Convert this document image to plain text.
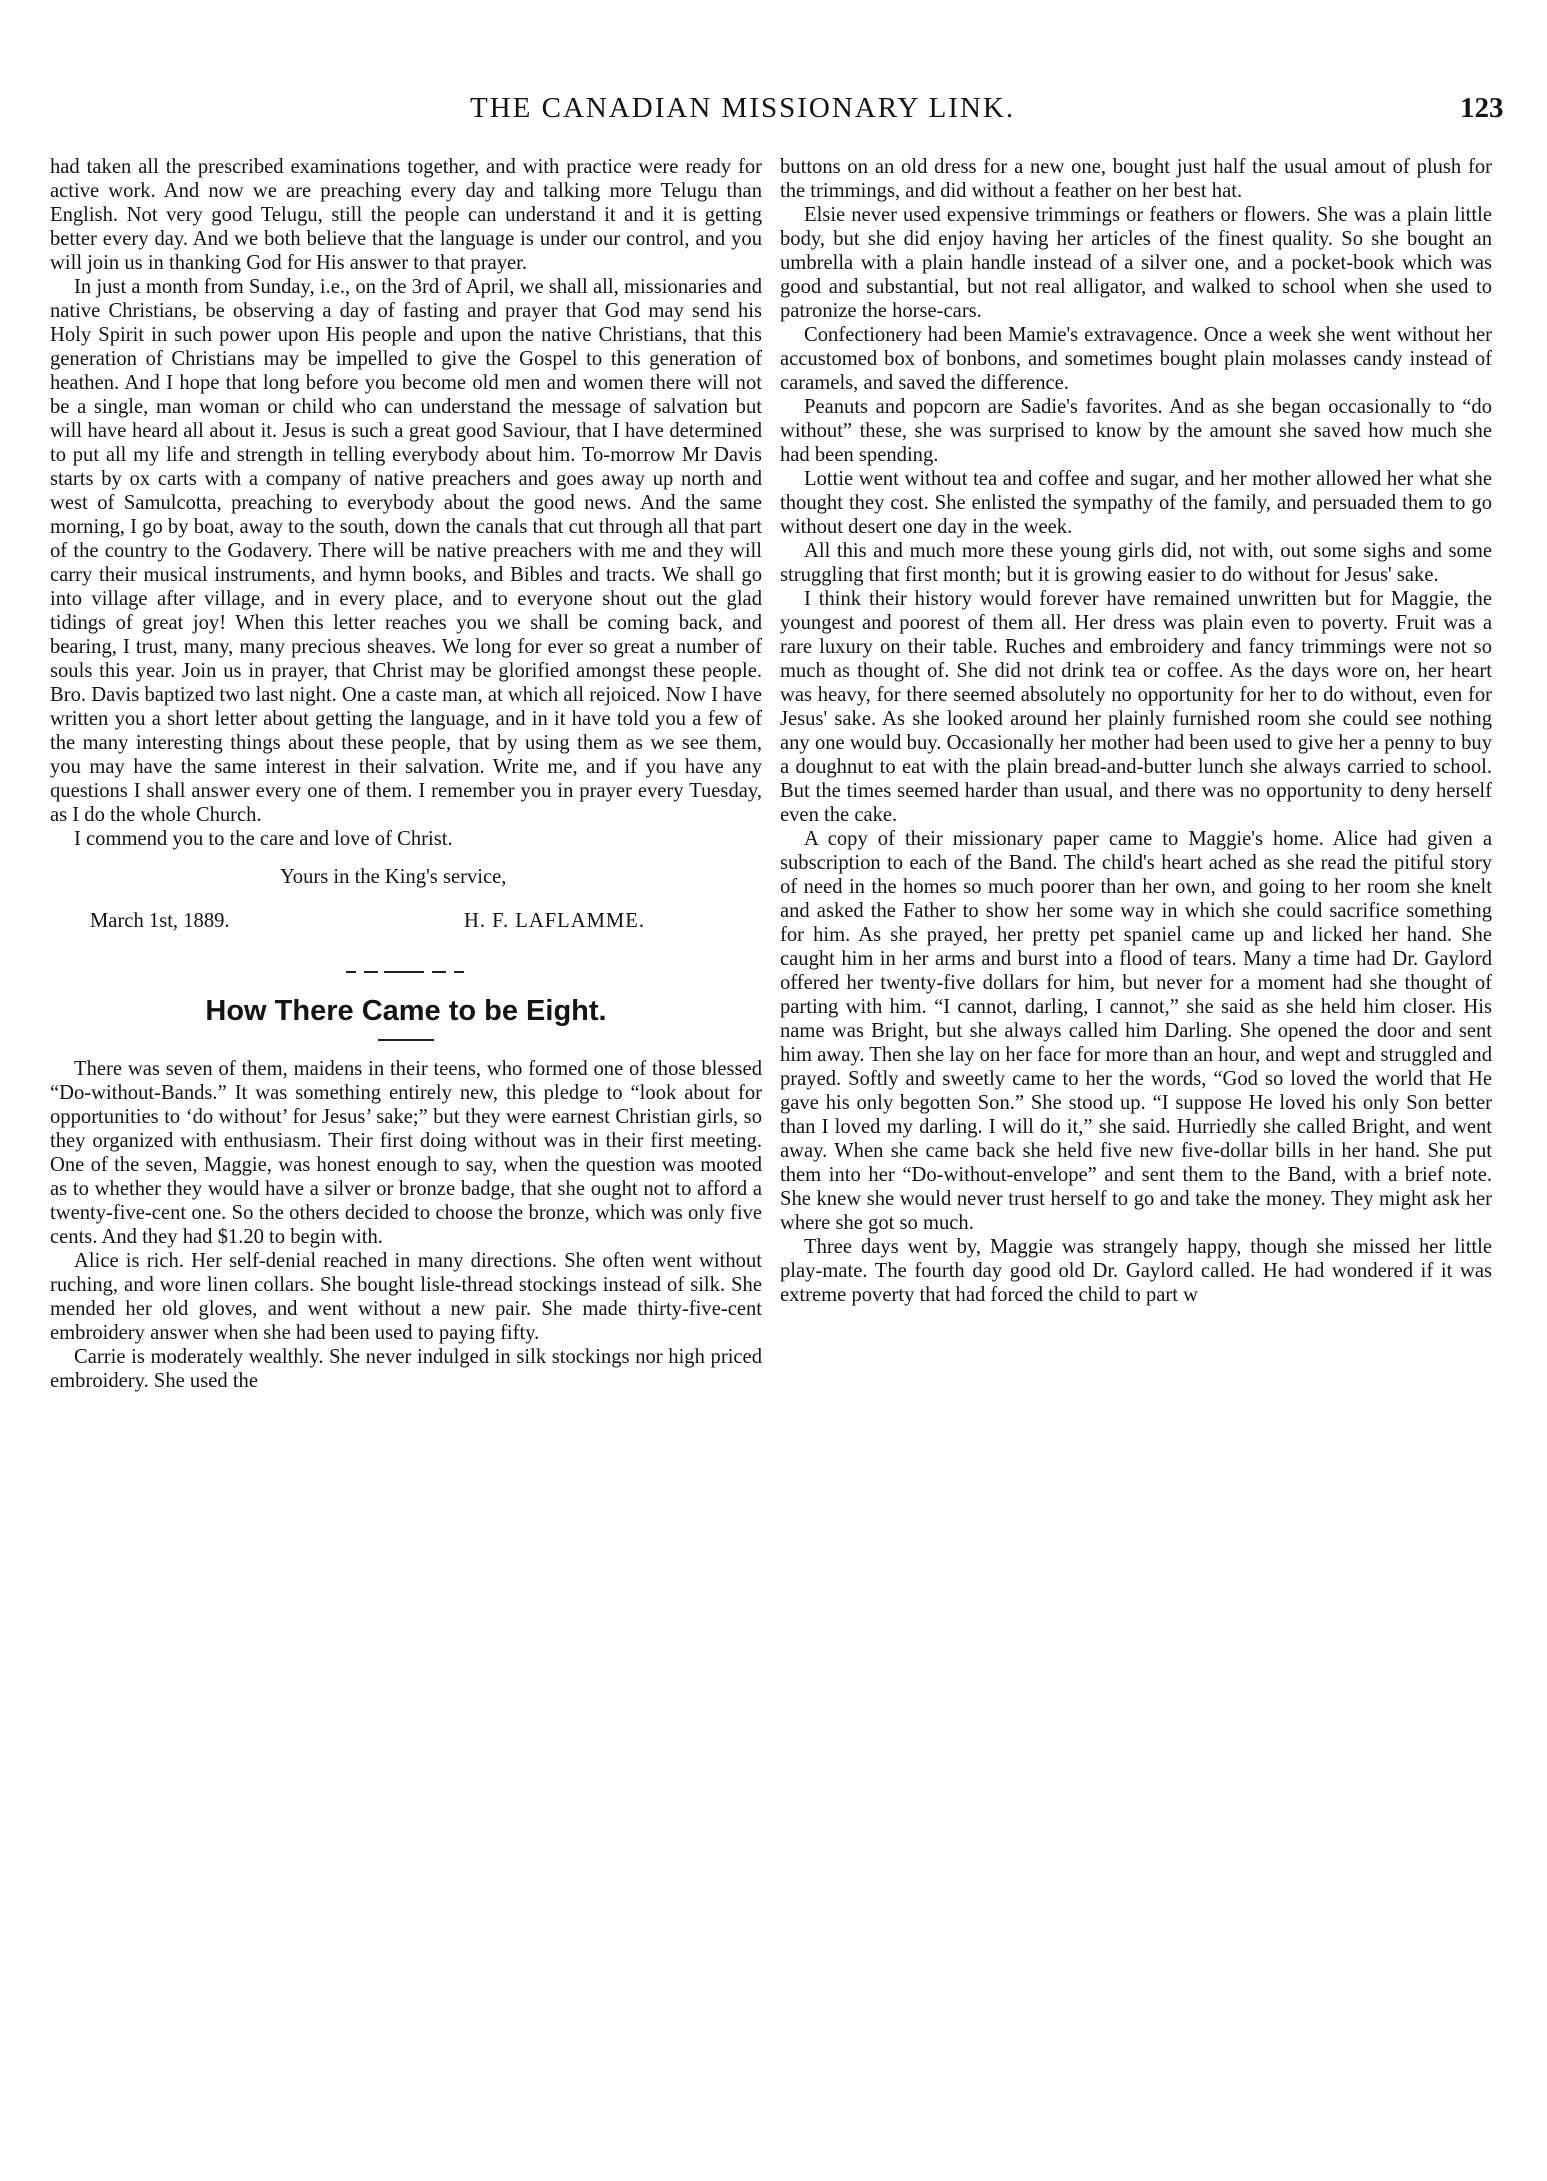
THE CANADIAN MISSIONARY LINK.	123

had taken all the prescribed examinations together, and with practice were ready for active work. And now we are preaching every day and talking more Telugu than English. Not very good Telugu, still the people can understand it and it is getting better every day. And we both believe that the language is under our control, and you will join us in thanking God for His answer to that prayer.

In just a month from Sunday, i.e., on the 3rd of April, we shall all, missionaries and native Christians, be observing a day of fasting and prayer that God may send his Holy Spirit in such power upon His people and upon the native Christians, that this generation of Christians may be impelled to give the Gospel to this generation of heathen. And I hope that long before you become old men and women there will not be a single, man woman or child who can understand the message of salvation but will have heard all about it. Jesus is such a great good Saviour, that I have determined to put all my life and strength in telling everybody about him. To-morrow Mr Davis starts by ox carts with a company of native preachers and goes away up north and west of Samulcotta, preaching to everybody about the good news. And the same morning, I go by boat, away to the south, down the canals that cut through all that part of the country to the Godavery. There will be native preachers with me and they will carry their musical instruments, and hymn books, and Bibles and tracts. We shall go into village after village, and in every place, and to everyone shout out the glad tidings of great joy! When this letter reaches you we shall be coming back, and bearing, I trust, many, many precious sheaves. We long for ever so great a number of souls this year. Join us in prayer, that Christ may be glorified amongst these people. Bro. Davis baptized two last night. One a caste man, at which all rejoiced. Now I have written you a short letter about getting the language, and in it have told you a few of the many interesting things about these people, that by using them as we see them, you may have the same interest in their salvation. Write me, and if you have any questions I shall answer every one of them. I remember you in prayer every Tuesday, as I do the whole Church.

I commend you to the care and love of Christ.

Yours in the King's service,
March 1st, 1889.	H. F. LAFLAMME.
How There Came to be Eight.

There was seven of them, maidens in their teens, who formed one of those blessed “Do-without-Bands.” It was something entirely new, this pledge to “look about for opportunities to ‘do without’ for Jesus’ sake;” but they were earnest Christian girls, so they organized with enthusiasm. Their first doing without was in their first meeting. One of the seven, Maggie, was honest enough to say, when the question was mooted as to whether they would have a silver or bronze badge, that she ought not to afford a twenty-five-cent one. So the others decided to choose the bronze, which was only five cents. And they had $1.20 to begin with.

Alice is rich. Her self-denial reached in many directions. She often went without ruching, and wore linen collars. She bought lisle-thread stockings instead of silk. She mended her old gloves, and went without a new pair. She made thirty-five-cent embroidery answer when she had been used to paying fifty.

Carrie is moderately wealthly. She never indulged in silk stockings nor high priced embroidery. She used the

buttons on an old dress for a new one, bought just half the usual amout of plush for the trimmings, and did without a feather on her best hat.

Elsie never used expensive trimmings or feathers or flowers. She was a plain little body, but she did enjoy having her articles of the finest quality. So she bought an umbrella with a plain handle instead of a silver one, and a pocket-book which was good and substantial, but not real alligator, and walked to school when she used to patronize the horse-cars.

Confectionery had been Mamie's extravagence. Once a week she went without her accustomed box of bonbons, and sometimes bought plain molasses candy instead of caramels, and saved the difference.

Peanuts and popcorn are Sadie's favorites. And as she began occasionally to “do without” these, she was surprised to know by the amount she saved how much she had been spending.

Lottie went without tea and coffee and sugar, and her mother allowed her what she thought they cost. She enlisted the sympathy of the family, and persuaded them to go without desert one day in the week.

All this and much more these young girls did, not with, out some sighs and some struggling that first month; but it is growing easier to do without for Jesus' sake.

I think their history would forever have remained unwritten but for Maggie, the youngest and poorest of them all. Her dress was plain even to poverty. Fruit was a rare luxury on their table. Ruches and embroidery and fancy trimmings were not so much as thought of. She did not drink tea or coffee. As the days wore on, her heart was heavy, for there seemed absolutely no opportunity for her to do without, even for Jesus' sake. As she looked around her plainly furnished room she could see nothing any one would buy. Occasionally her mother had been used to give her a penny to buy a doughnut to eat with the plain bread-and-butter lunch she always carried to school. But the times seemed harder than usual, and there was no opportunity to deny herself even the cake.

A copy of their missionary paper came to Maggie's home. Alice had given a subscription to each of the Band. The child's heart ached as she read the pitiful story of need in the homes so much poorer than her own, and going to her room she knelt and asked the Father to show her some way in which she could sacrifice something for him. As she prayed, her pretty pet spaniel came up and licked her hand. She caught him in her arms and burst into a flood of tears. Many a time had Dr. Gaylord offered her twenty-five dollars for him, but never for a moment had she thought of parting with him. “I cannot, darling, I cannot,” she said as she held him closer. His name was Bright, but she always called him Darling. She opened the door and sent him away. Then she lay on her face for more than an hour, and wept and struggled and prayed. Softly and sweetly came to her the words, “God so loved the world that He gave his only begotten Son.” She stood up. “I suppose He loved his only Son better than I loved my darling. I will do it,” she said. Hurriedly she called Bright, and went away. When she came back she held five new five-dollar bills in her hand. She put them into her “Do-without-envelope” and sent them to the Band, with a brief note. She knew she would never trust herself to go and take the money. They might ask her where she got so much.

Three days went by, Maggie was strangely happy, though she missed her little play-mate. The fourth day good old Dr. Gaylord called. He had wondered if it was extreme poverty that had forced the child to part w
